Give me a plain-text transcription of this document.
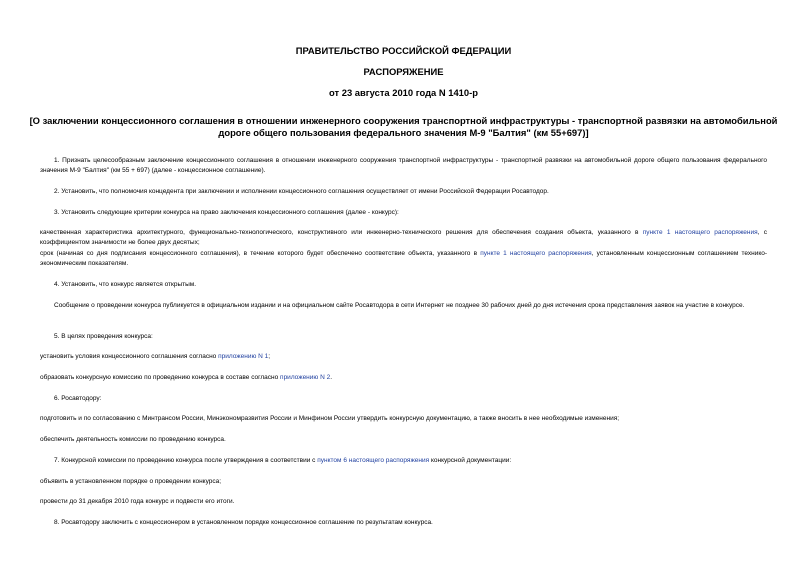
ПРАВИТЕЛЬСТВО РОССИЙСКОЙ ФЕДЕРАЦИИ
РАСПОРЯЖЕНИЕ
от 23 августа 2010 года N 1410-р
[О заключении концессионного соглашения в отношении инженерного сооружения транспортной инфраструктуры - транспортной развязки на автомобильной
дороге общего пользования федерального значения М-9 "Балтия" (км 55+697)]
1. Признать целесообразным заключение концессионного соглашения в отношении инженерного сооружения транспортной инфраструктуры - транспортной развязки на автомобильной дороге общего пользования федерального значения М-9 "Балтия" (км 55 + 697) (далее - концессионное соглашение).
2. Установить, что полномочия концедента при заключении и исполнении концессионного соглашения осуществляет от имени Российской Федерации Росавтодор.
3. Установить следующие критерии конкурса на право заключения концессионного соглашения (далее - конкурс):
качественная характеристика архитектурного, функционально-технологического, конструктивного или инженерно-технического решения для обеспечения создания объекта, указанного в пункте 1 настоящего распоряжения, с коэффициентом значимости не более двух десятых;
срок (начиная со дня подписания концессионного соглашения), в течение которого будет обеспечено соответствие объекта, указанного в пункте 1 настоящего распоряжения, установленным концессионным соглашением технико-экономическим показателям.
4. Установить, что конкурс является открытым.
Сообщение о проведении конкурса публикуется в официальном издании и на официальном сайте Росавтодора в сети Интернет не позднее 30 рабочих дней до дня истечения срока представления заявок на участие в конкурсе.
5. В целях проведения конкурса:
установить условия концессионного соглашения согласно приложению N 1;
образовать конкурсную комиссию по проведению конкурса в составе согласно приложению N 2.
6. Росавтодору:
подготовить и по согласованию с Минтрансом России, Минэкономразвития России и Минфином России утвердить конкурсную документацию, а также вносить в нее необходимые изменения;
обеспечить деятельность комиссии по проведению конкурса.
7. Конкурсной комиссии по проведению конкурса после утверждения в соответствии с пунктом 6 настоящего распоряжения конкурсной документации:
объявить в установленном порядке о проведении конкурса;
провести до 31 декабря 2010 года конкурс и подвести его итоги.
8. Росавтодору заключить с концессионером в установленном порядке концессионное соглашение по результатам конкурса.
